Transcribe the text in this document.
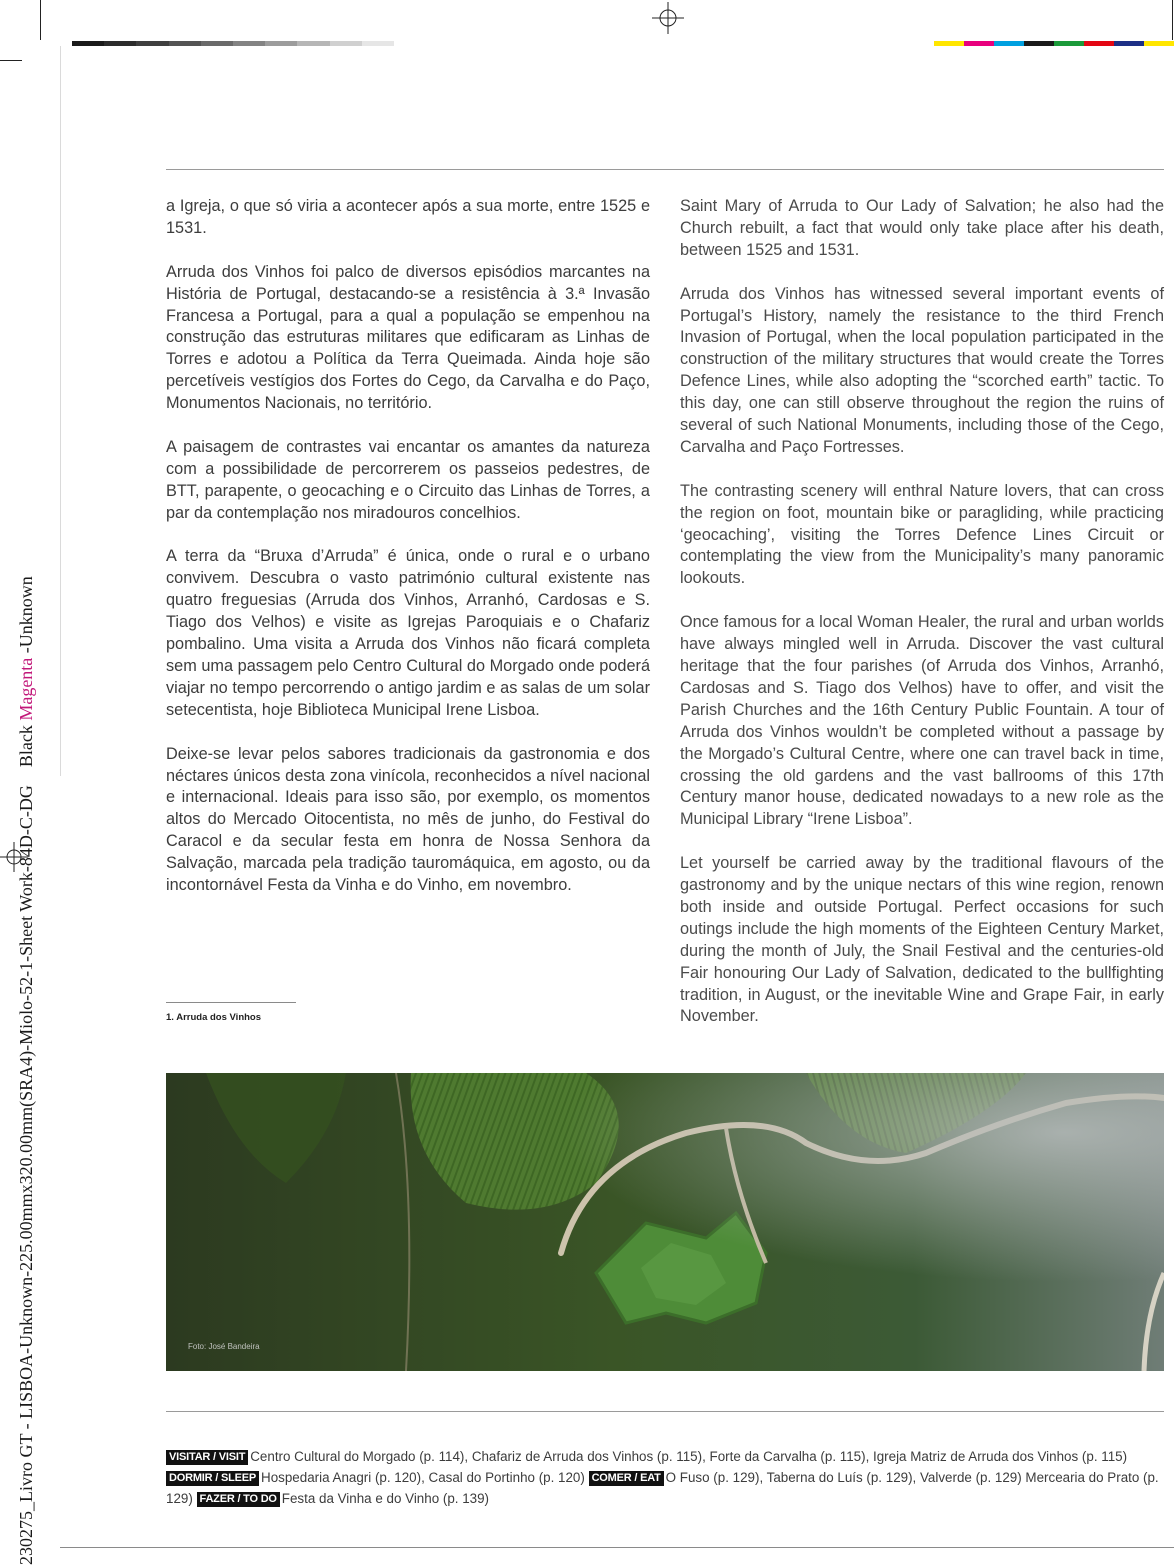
230275_Livro GT - LISBOA-Unknown-225.00mmx320.00mm(SRA4)-Miolo-52-1-Sheet Work-84D-C-DG    Black Magenta -Unknown

a Igreja, o que só viria a acontecer após a sua morte, entre 1525 e 1531.

Arruda dos Vinhos foi palco de diversos episódios marcantes na História de Portugal, destacando-se a resistência à 3.ª Invasão Francesa a Portugal, para a qual a população se empenhou na construção das estruturas militares que edificaram as Linhas de Torres e adotou a Política da Terra Queimada. Ainda hoje são percetíveis vestígios dos Fortes do Cego, da Carvalha e do Paço, Monumentos Nacionais, no território.

A paisagem de contrastes vai encantar os amantes da natureza com a possibilidade de percorrerem os passeios pedestres, de BTT, parapente, o geocaching e o Circuito das Linhas de Torres, a par da contemplação nos miradouros concelhios.

A terra da “Bruxa d’Arruda” é única, onde o rural e o urbano convivem. Descubra o vasto património cultural existente nas quatro freguesias (Arruda dos Vinhos, Arranhó, Cardosas e S. Tiago dos Velhos) e visite as Igrejas Paroquiais e o Chafariz pombalino. Uma visita a Arruda dos Vinhos não ficará completa sem uma passagem pelo Centro Cultural do Morgado onde poderá viajar no tempo percorrendo o antigo jardim e as salas de um solar setecentista, hoje Biblioteca Municipal Irene Lisboa.

Deixe-se levar pelos sabores tradicionais da gastronomia e dos néctares únicos desta zona vinícola, reconhecidos a nível nacional e internacional. Ideais para isso são, por exemplo, os momentos altos do Mercado Oitocentista, no mês de junho, do Festival do Caracol e da secular festa em honra de Nossa Senhora da Salvação, marcada pela tradição tauromáquica, em agosto, ou da incontornável Festa da Vinha e do Vinho, em novembro.

Saint Mary of Arruda to Our Lady of Salvation; he also had the Church rebuilt, a fact that would only take place after his death, between 1525 and 1531.

Arruda dos Vinhos has witnessed several important events of Portugal’s History, namely the resistance to the third French Invasion of Portugal, when the local population participated in the construction of the military structures that would create the Torres Defence Lines, while also adopting the “scorched earth” tactic. To this day, one can still observe throughout the region the ruins of several of such National Monuments, including those of the Cego, Carvalha and Paço Fortresses.

The contrasting scenery will enthral Nature lovers, that can cross the region on foot, mountain bike or paragliding, while practicing ‘geocaching’, visiting the Torres Defence Lines Circuit or contemplating the view from the Municipality’s many panoramic lookouts.

Once famous for a local Woman Healer, the rural and urban worlds have always mingled well in Arruda. Discover the vast cultural heritage that the four parishes (of Arruda dos Vinhos, Arranhó, Cardosas and S. Tiago dos Velhos) have to offer, and visit the Parish Churches and the 16th Century Public Fountain. A tour of Arruda dos Vinhos wouldn’t be completed without a passage by the Morgado’s Cultural Centre, where one can travel back in time, crossing the old gardens and the vast ballrooms of this 17th Century manor house, dedicated nowadays to a new role as the Municipal Library “Irene Lisboa”.

Let yourself be carried away by the traditional flavours of the gastronomy and by the unique nectars of this wine region, renown both inside and outside Portugal. Perfect occasions for such outings include the high moments of the Eighteen Century Market, during the month of July, the Snail Festival and the centuries-old Fair honouring Our Lady of Salvation, dedicated to the bullfighting tradition, in August, or the inevitable Wine and Grape Fair, in early November.

1. Arruda dos Vinhos
Foto: José Bandeira
VISITAR / VISIT Centro Cultural do Morgado (p. 114), Chafariz de Arruda dos Vinhos (p. 115), Forte da Carvalha (p. 115), Igreja Matriz de Arruda dos Vinhos (p. 115) DORMIR / SLEEP Hospedaria Anagri (p. 120), Casal do Portinho (p. 120) COMER / EAT O Fuso (p. 129), Taberna do Luís (p. 129), Valverde (p. 129) Mercearia do Prato (p. 129) FAZER / TO DO Festa da Vinha e do Vinho (p. 139)
